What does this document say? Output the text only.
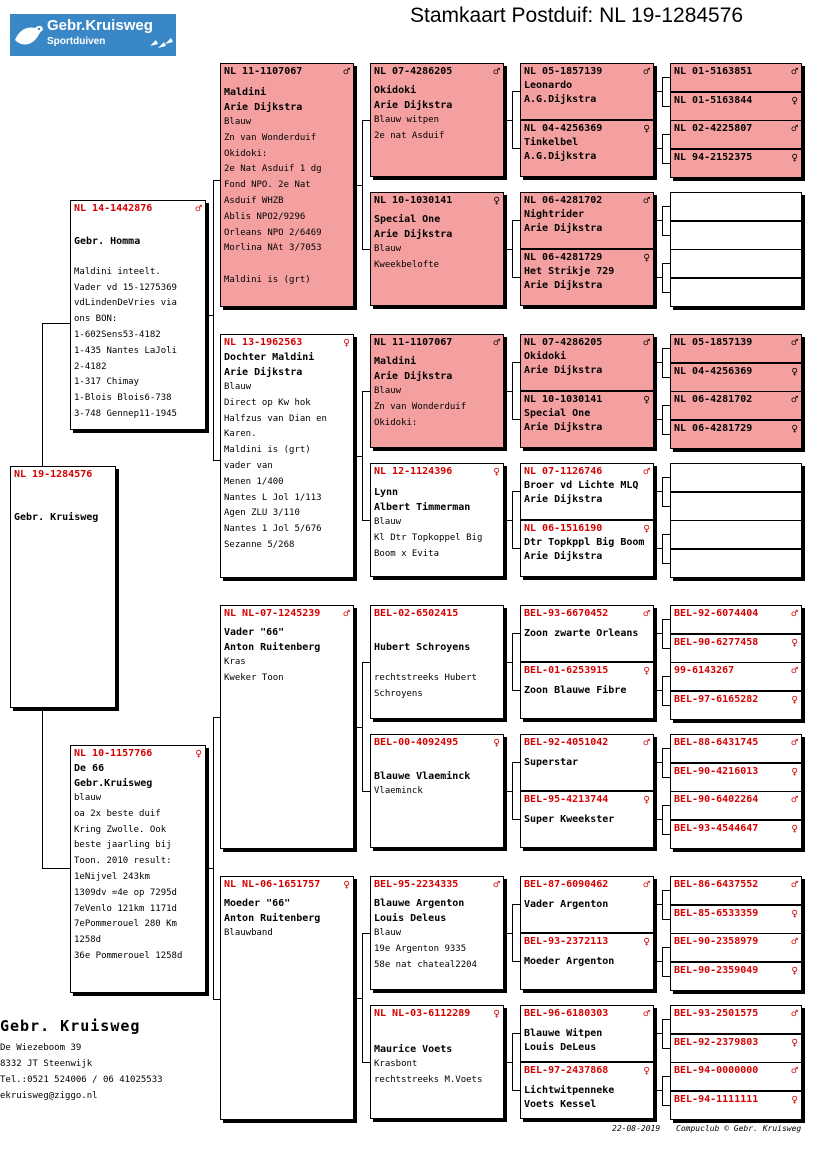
Gebr.Kruisweg
Sportduiven
Stamkaart Postduif: NL 19-1284576
NL 19-1284576
Gebr. Kruisweg
NL 14-1442876	♂
Gebr. Homma
Maldini inteelt.
Vader vd 15-1275369
vdLindenDeVries via
ons BON:
1-602Sens53-4182
1-435 Nantes LaJoli
2-4182
1-317 Chimay
1-Blois Blois6-738
3-748 Gennep11-1945
NL 10-1157766	♀
De 66
Gebr.Kruisweg
blauw
oa 2x beste duif
Kring Zwolle. Ook
beste jaarling bij
Toon. 2010 result:
1eNijvel 243km
1309dv =4e op 7295d
7eVenlo 121km 1171d
7ePommerouel 280 Km
1258d
36e Pommerouel 1258d
NL 11-1107067	♂
Maldini
Arie Dijkstra
Blauw
Zn van Wonderduif
Okidoki:
2e Nat Asduif 1 dg
Fond NPO. 2e Nat
Asduif WHZB
Ablis NPO2/9296
Orleans NPO 2/6469
Morlina NAt 3/7053
Maldini is (grt)
NL 13-1962563	♀
Dochter Maldini
Arie Dijkstra
Blauw
Direct op Kw hok
Halfzus van Dian en
Karen.
Maldini is (grt)
vader van
Menen 1/400
Nantes L Jol 1/113
Agen ZLU 3/110
Nantes 1 Jol 5/676
Sezanne 5/268
NL NL-07-1245239 ♂
Vader "66"
Anton Ruitenberg
Kras
Kweker Toon
NL NL-06-1651757 ♀
Moeder "66"
Anton Ruitenberg
Blauwband
NL 07-4286205	♂
Okidoki
Arie Dijkstra
Blauw witpen
2e nat Asduif
NL 10-1030141	♀
Special One
Arie Dijkstra
Blauw
Kweekbelofte
NL 11-1107067	♂
Maldini
Arie Dijkstra
Blauw
Zn van Wonderduif
Okidoki:
NL 12-1124396	♀
Lynn
Albert Timmerman
Blauw
Kl Dtr Topkoppel Big
Boom x Evita
BEL-02-6502415
Hubert Schroyens
rechtstreeks Hubert
Schroyens
BEL-00-4092495	♀
Blauwe Vlaeminck
Vlaeminck
BEL-95-2234335	♂
Blauwe Argenton
Louis Deleus
Blauw
19e Argenton 9335
58e nat chateal2204
NL NL-03-6112289 ♀
Maurice Voets
Krasbont
rechtstreeks M.Voets
NL 05-1857139	♂
Leonardo
A.G.Dijkstra
NL 04-4256369	♀
Tinkelbel
A.G.Dijkstra
NL 06-4281702	♂
Nightrider
Arie Dijkstra
NL 06-4281729	♀
Het Strikje 729
Arie Dijkstra
NL 07-4286205	♂
Okidoki
Arie Dijkstra
NL 10-1030141	♀
Special One
Arie Dijkstra
NL 07-1126746	♂
Broer vd Lichte MLQ
Arie Dijkstra
NL 06-1516190	♀
Dtr Topkppl Big Boom
Arie Dijkstra
BEL-93-6670452	♂
Zoon zwarte Orleans
BEL-01-6253915	♀
Zoon Blauwe Fibre
BEL-92-4051042	♂
Superstar
BEL-95-4213744	♀
Super Kweekster
BEL-87-6090462	♂
Vader Argenton
BEL-93-2372113	♀
Moeder Argenton
BEL-96-6180303	♂
Blauwe Witpen
Louis DeLeus
BEL-97-2437868	♀
Lichtwitpenneke
Voets Kessel
NL 01-5163851	♂
NL 01-5163844	♀
NL 02-4225807	♂
NL 94-2152375	♀
NL 05-1857139	♂
NL 04-4256369	♀
NL 06-4281702	♂
NL 06-4281729	♀
BEL-92-6074404	♂
BEL-90-6277458	♀
99-6143267	♂
BEL-97-6165282	♀
BEL-88-6431745	♂
BEL-90-4216013	♀
BEL-90-6402264	♂
BEL-93-4544647	♀
BEL-86-6437552	♂
BEL-85-6533359	♀
BEL-90-2358979	♂
BEL-90-2359049	♀
BEL-93-2501575	♂
BEL-92-2379803	♀
BEL-94-0000000	♂
BEL-94-1111111	♀
Gebr. Kruisweg
De Wiezeboom 39
8332 JT Steenwijk
Tel.:0521 524006 / 06 41025533
ekruisweg@ziggo.nl
22-08-2019 Compuclub © Gebr. Kruisweg
